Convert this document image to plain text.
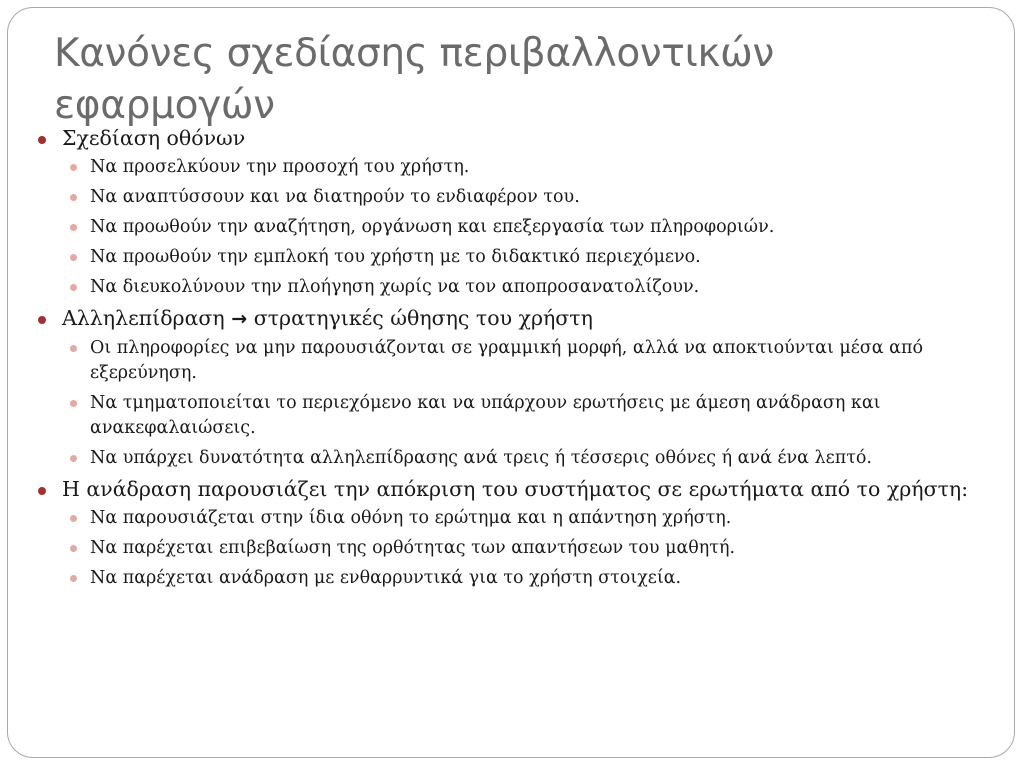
Κανόνες σχεδίασης περιβαλλοντικών εφαρμογών
Σχεδίαση οθόνων
Να προσελκύουν την προσοχή του χρήστη.
Να αναπτύσσουν και να διατηρούν το ενδιαφέρον του.
Να προωθούν την αναζήτηση, οργάνωση και επεξεργασία των πληροφοριών.
Να προωθούν την εμπλοκή του χρήστη με το διδακτικό περιεχόμενο.
Να διευκολύνουν την πλοήγηση χωρίς να τον αποπροσανατολίζουν.
Αλληλεπίδραση → στρατηγικές ώθησης του χρήστη
Οι πληροφορίες να μην παρουσιάζονται σε γραμμική μορφή, αλλά να αποκτιούνται μέσα από εξερεύνηση.
Να τμηματοποιείται το περιεχόμενο και να υπάρχουν ερωτήσεις με άμεση ανάδραση και ανακεφαλαιώσεις.
Να υπάρχει δυνατότητα αλληλεπίδρασης ανά τρεις ή τέσσερις οθόνες ή ανά ένα λεπτό.
Η ανάδραση παρουσιάζει την απόκριση του συστήματος σε ερωτήματα από το χρήστη:
Να παρουσιάζεται στην ίδια οθόνη το ερώτημα και η απάντηση χρήστη.
Να παρέχεται επιβεβαίωση της ορθότητας των απαντήσεων του μαθητή.
Να παρέχεται ανάδραση με ενθαρρυντικά για το χρήστη στοιχεία.
